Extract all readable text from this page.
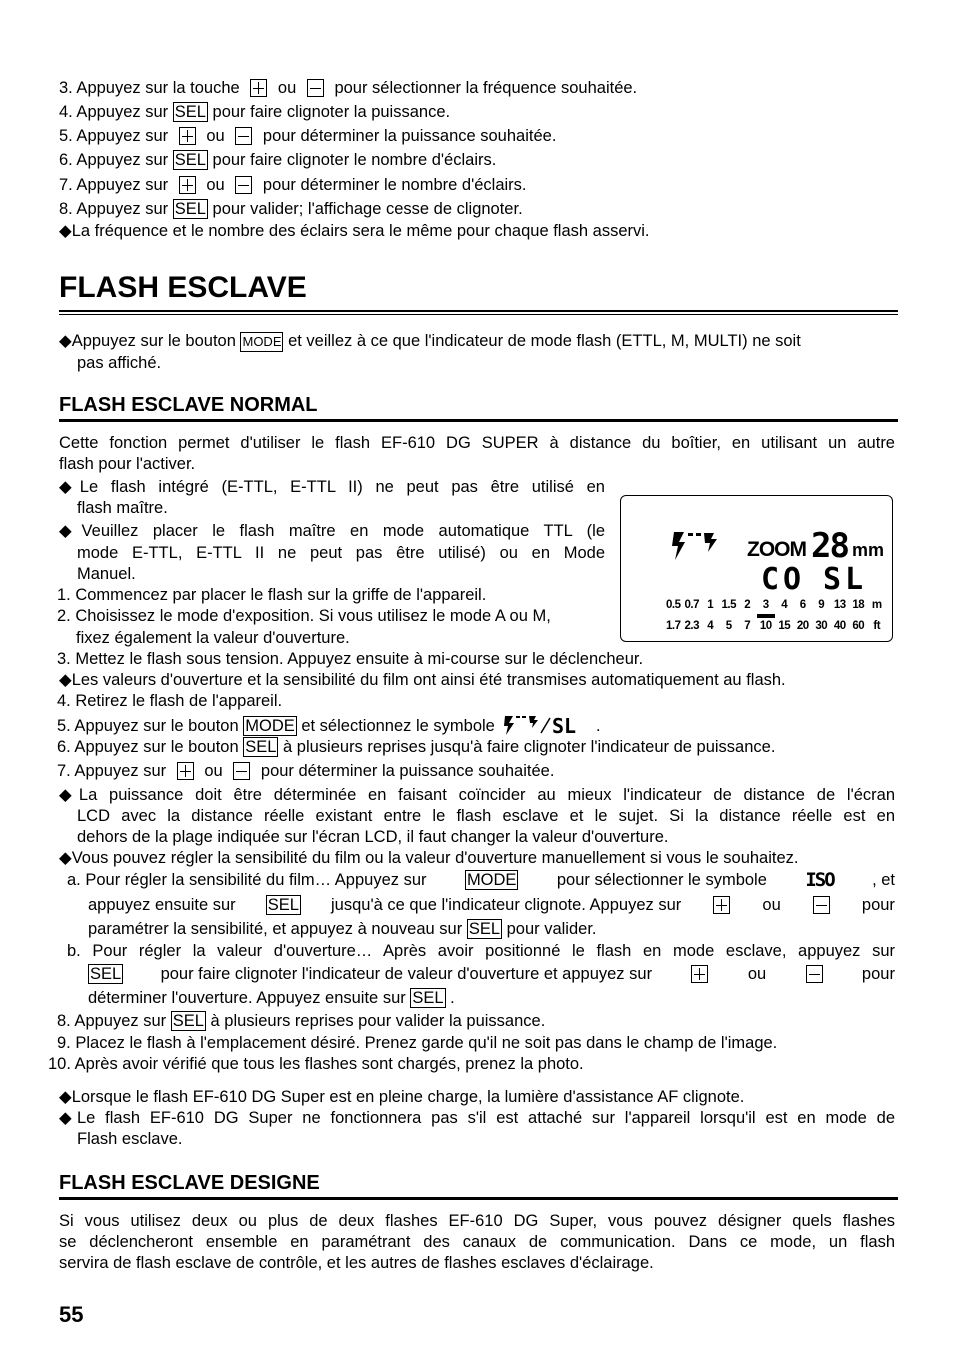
3. Appuyez sur la touche ou pour sélectionner la fréquence souhaitée.
4. Appuyez sur SEL pour faire clignoter la puissance.
5. Appuyez sur ou pour déterminer la puissance souhaitée.
6. Appuyez sur SEL pour faire clignoter le nombre d'éclairs.
7. Appuyez sur ou pour déterminer le nombre d'éclairs.
8. Appuyez sur SEL pour valider; l'affichage cesse de clignoter.
◆La fréquence et le nombre des éclairs sera le même pour chaque flash asservi.
FLASH ESCLAVE
◆Appuyez sur le bouton MODE et veillez à ce que l'indicateur de mode flash (ETTL, M, MULTI) ne soit
pas affiché.
FLASH ESCLAVE NORMAL
Cette fonction permet d'utiliser le flash EF-610 DG SUPER à distance du boîtier, en utilisant un autre
flash pour l'activer.
◆Le flash intégré (E-TTL, E-TTL II) ne peut pas être utilisé en
flash maître.
◆Veuillez placer le flash maître en mode automatique TTL (le
mode E-TTL, E-TTL II ne peut pas être utilisé) ou en Mode
Manuel.
1. Commencez par placer le flash sur la griffe de l'appareil.
2. Choisissez le mode d'exposition. Si vous utilisez le mode A ou M,
fixez également la valeur d'ouverture.
ZOOM 28 mm
CO SL
0.5 0.7 1 1.5 2	3	4	6	9 13 18 m
1.7 2.3 4	5	7 10 15 20 30 40 60 ft
3. Mettez le flash sous tension. Appuyez ensuite à mi-course sur le déclencheur.
◆Les valeurs d'ouverture et la sensibilité du film ont ainsi été transmises automatiquement au flash.
4. Retirez le flash de l'appareil.
5. Appuyez sur le bouton MODE et sélectionnez le symbole	SL .
6. Appuyez sur le bouton SEL à plusieurs reprises jusqu'à faire clignoter l'indicateur de puissance.
7. Appuyez sur ou pour déterminer la puissance souhaitée.
◆La puissance doit être déterminée en faisant coïncider au mieux l'indicateur de distance de l'écran
LCD avec la distance réelle existant entre le flash esclave et le sujet. Si la distance réelle est en
dehors de la plage indiquée sur l'écran LCD, il faut changer la valeur d'ouverture.
◆Vous pouvez régler la sensibilité du film ou la valeur d'ouverture manuellement si vous le souhaitez.
a. Pour régler la sensibilité du film… Appuyez sur MODE pour sélectionner le symbole ISO , et
appuyez ensuite sur SEL jusqu'à ce que l'indicateur clignote. Appuyez sur	ou	pour
paramétrer la sensibilité, et appuyez à nouveau sur SEL pour valider.
b. Pour régler la valeur d'ouverture… Après avoir positionné le flash en mode esclave, appuyez sur
SEL pour faire clignoter l'indicateur de valeur d'ouverture et appuyez sur	ou	pour
déterminer l'ouverture. Appuyez ensuite sur SEL .
8. Appuyez sur SEL à plusieurs reprises pour valider la puissance.
9. Placez le flash à l'emplacement désiré. Prenez garde qu'il ne soit pas dans le champ de l'image.
10. Après avoir vérifié que tous les flashes sont chargés, prenez la photo.
◆Lorsque le flash EF-610 DG Super est en pleine charge, la lumière d'assistance AF clignote.
◆Le flash EF-610 DG Super ne fonctionnera pas s'il est attaché sur l'appareil lorsqu'il est en mode de
Flash esclave.
FLASH ESCLAVE DESIGNE
Si vous utilisez deux ou plus de deux flashes EF-610 DG Super, vous pouvez désigner quels flashes
se déclencheront ensemble en paramétrant des canaux de communication. Dans ce mode, un flash
servira de flash esclave de contrôle, et les autres de flashes esclaves d'éclairage.
55
